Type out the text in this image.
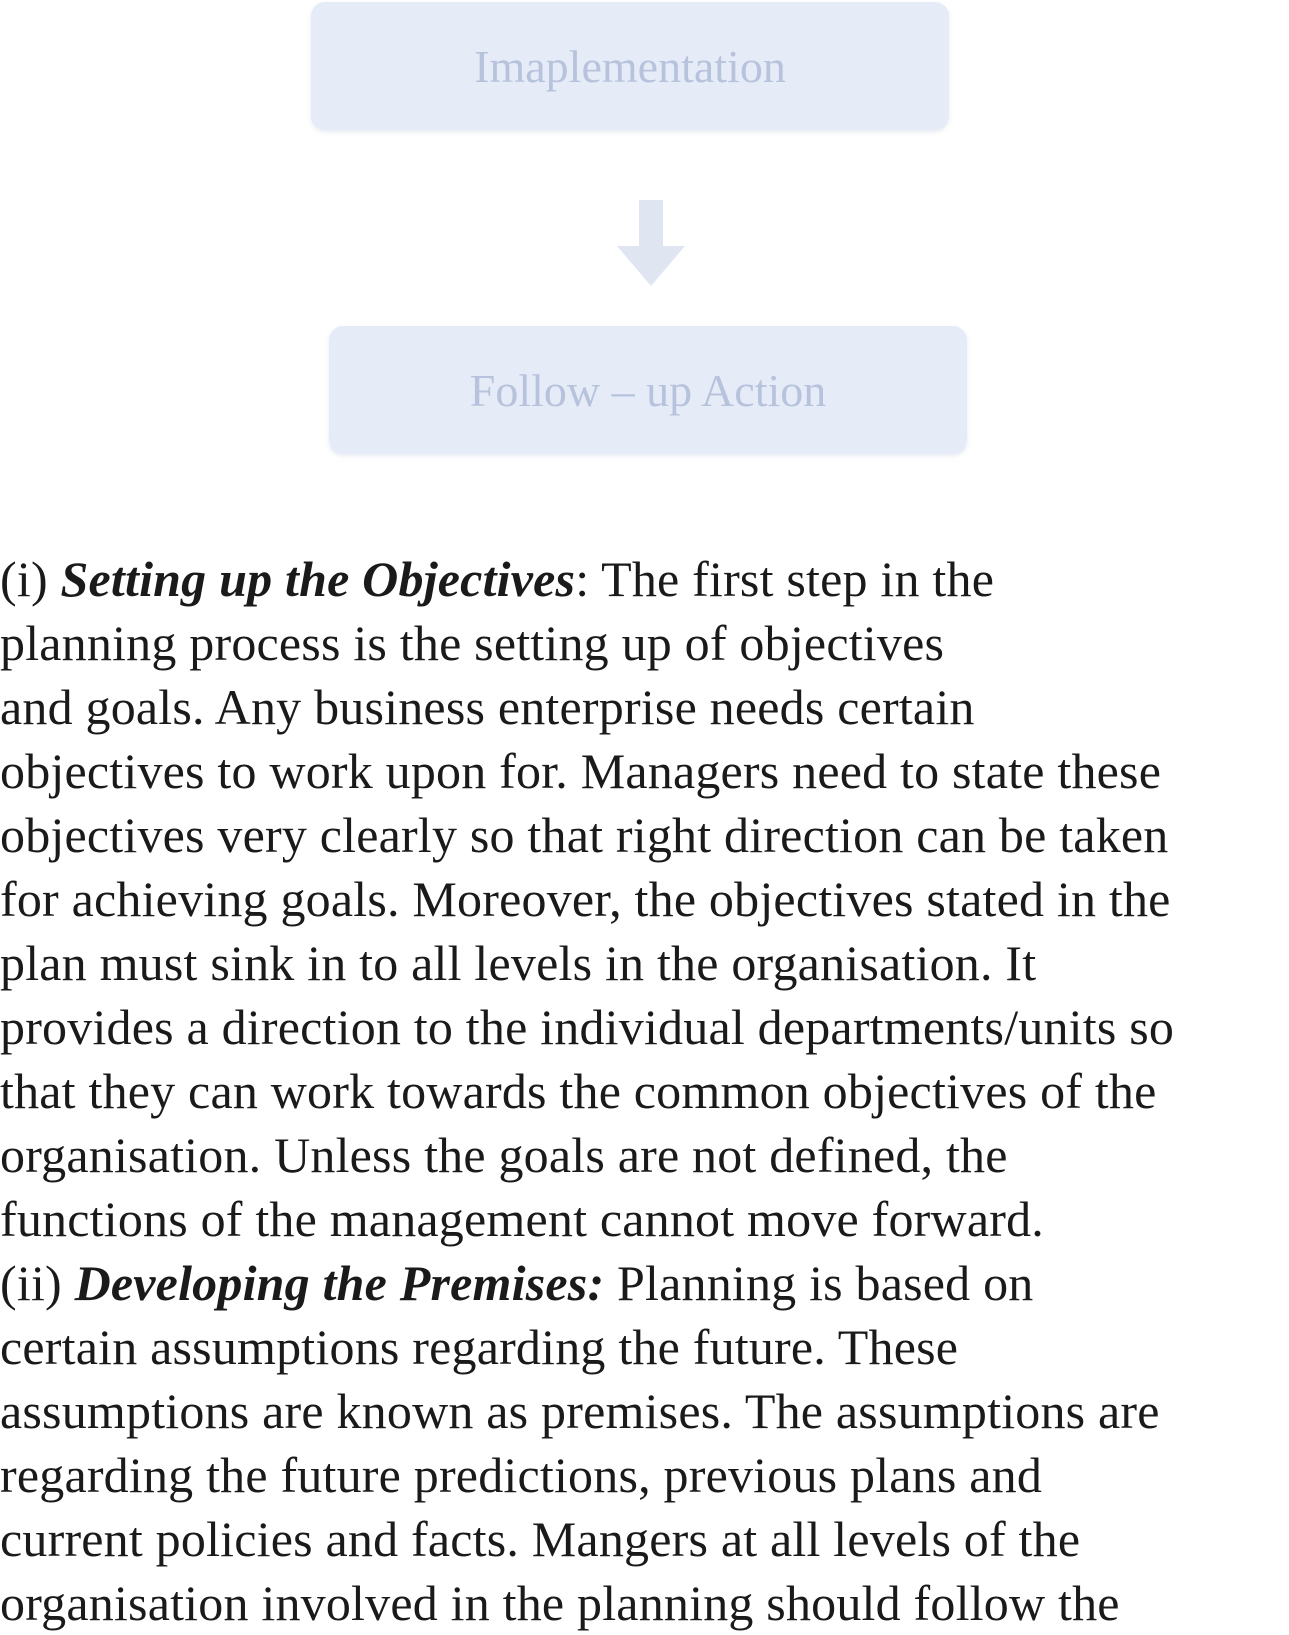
Imaplementation
Follow – up Action
(i) Setting up the Objectives: The first step in the
planning process is the setting up of objectives
and goals. Any business enterprise needs certain
objectives to work upon for. Managers need to state these
objectives very clearly so that right direction can be taken
for achieving goals. Moreover, the objectives stated in the
plan must sink in to all levels in the organisation. It
provides a direction to the individual departments/units so
that they can work towards the common objectives of the
organisation. Unless the goals are not defined, the
functions of the management cannot move forward.
(ii) Developing the Premises: Planning is based on
certain assumptions regarding the future. These
assumptions are known as premises. The assumptions are
regarding the future predictions, previous plans and
current policies and facts. Mangers at all levels of the
organisation involved in the planning should follow the
